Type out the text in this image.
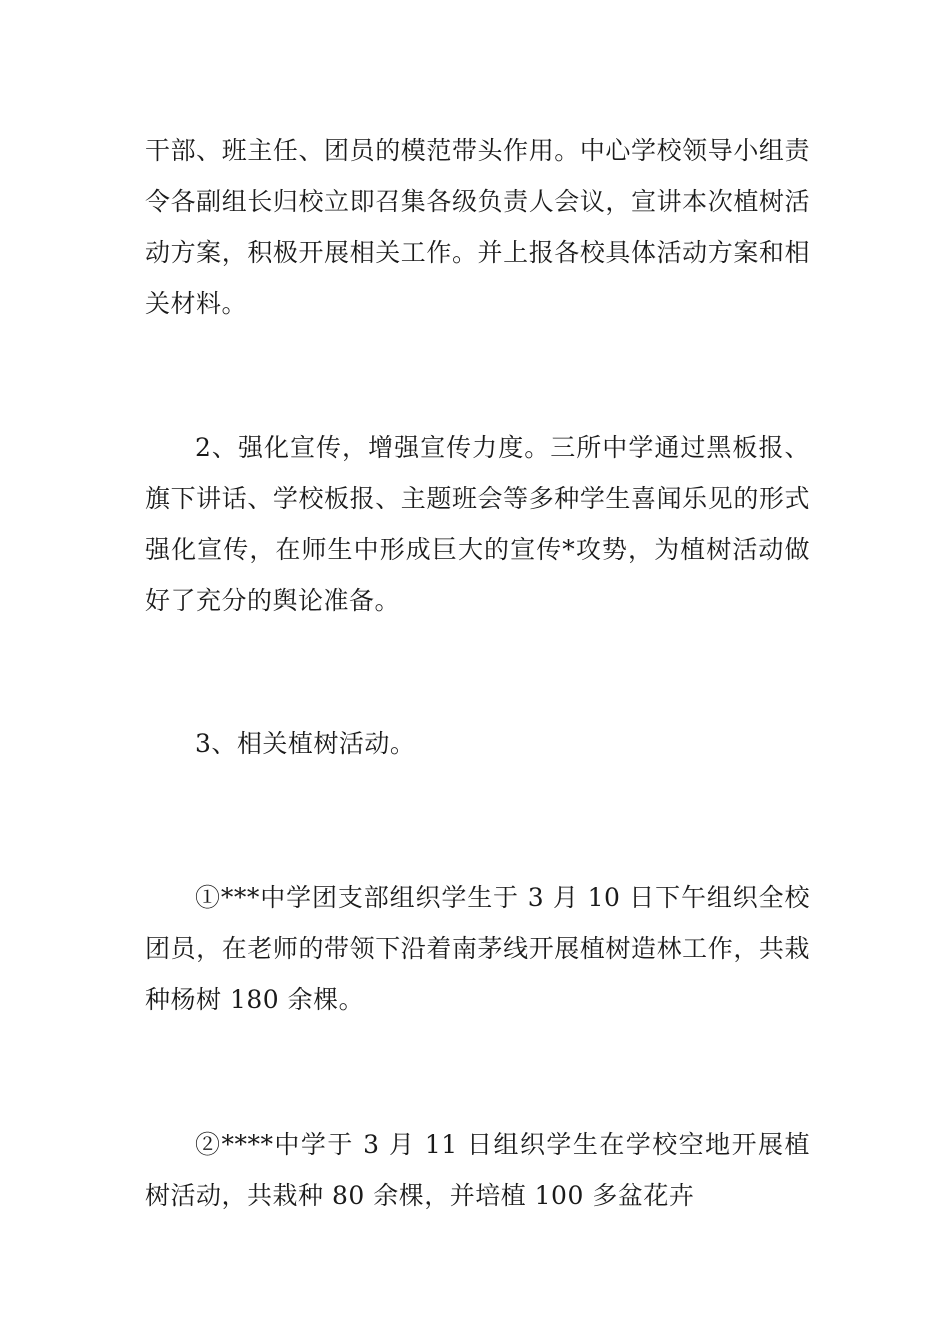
干部、班主任、团员的模范带头作用。中心学校领导小组责令各副组长归校立即召集各级负责人会议，宣讲本次植树活动方案，积极开展相关工作。并上报各校具体活动方案和相关材料。

2、强化宣传，增强宣传力度。三所中学通过黑板报、旗下讲话、学校板报、主题班会等多种学生喜闻乐见的形式强化宣传，在师生中形成巨大的宣传*攻势，为植树活动做好了充分的舆论准备。

3、相关植树活动。

①***中学团支部组织学生于 3 月 10 日下午组织全校团员，在老师的带领下沿着南茅线开展植树造林工作，共栽种杨树 180 余棵。

②****中学于 3 月 11 日组织学生在学校空地开展植树活动，共栽种 80 余棵，并培植 100 多盆花卉
